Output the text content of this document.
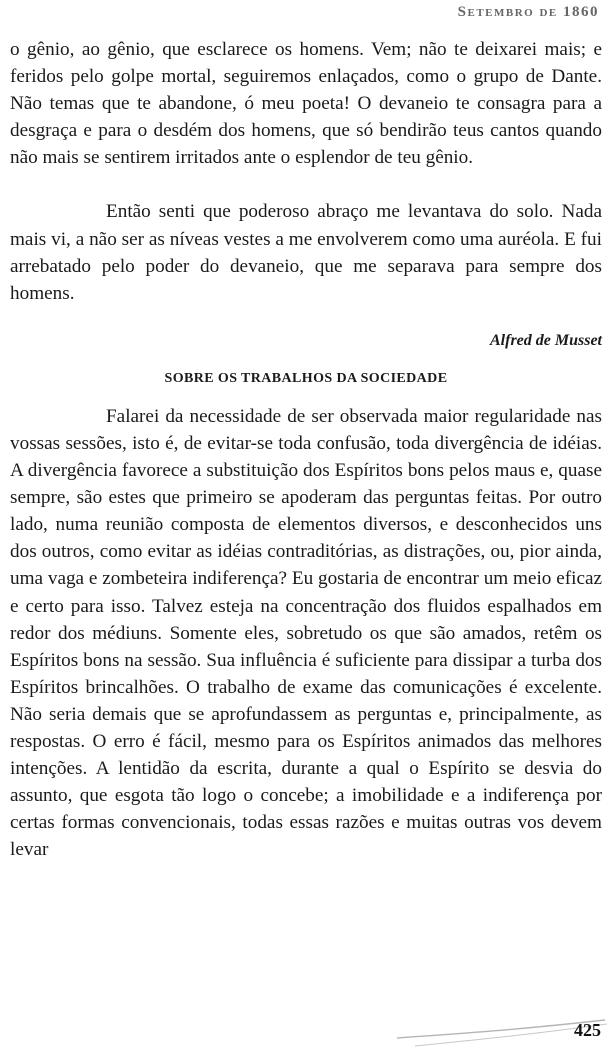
Setembro de 1860

o gênio, ao gênio, que esclarece os homens. Vem; não te deixarei mais; e feridos pelo golpe mortal, seguiremos enlaçados, como o grupo de Dante. Não temas que te abandone, ó meu poeta! O devaneio te consagra para a desgraça e para o desdém dos homens, que só bendirão teus cantos quando não mais se sentirem irritados ante o esplendor de teu gênio.

Então senti que poderoso abraço me levantava do solo. Nada mais vi, a não ser as níveas vestes a me envolverem como uma auréola. E fui arrebatado pelo poder do devaneio, que me separava para sempre dos homens.

Alfred de Musset

SOBRE OS TRABALHOS DA SOCIEDADE

Falarei da necessidade de ser observada maior regularidade nas vossas sessões, isto é, de evitar-se toda confusão, toda divergência de idéias. A divergência favorece a substituição dos Espíritos bons pelos maus e, quase sempre, são estes que primeiro se apoderam das perguntas feitas. Por outro lado, numa reunião composta de elementos diversos, e desconhecidos uns dos outros, como evitar as idéias contraditórias, as distrações, ou, pior ainda, uma vaga e zombeteira indiferença? Eu gostaria de encontrar um meio eficaz e certo para isso. Talvez esteja na concentração dos fluidos espalhados em redor dos médiuns. Somente eles, sobretudo os que são amados, retêm os Espíritos bons na sessão. Sua influência é suficiente para dissipar a turba dos Espíritos brincalhões. O trabalho de exame das comunicações é excelente. Não seria demais que se aprofundassem as perguntas e, principalmente, as respostas. O erro é fácil, mesmo para os Espíritos animados das melhores intenções. A lentidão da escrita, durante a qual o Espírito se desvia do assunto, que esgota tão logo o concebe; a imobilidade e a indiferença por certas formas convencionais, todas essas razões e muitas outras vos devem levar

425
